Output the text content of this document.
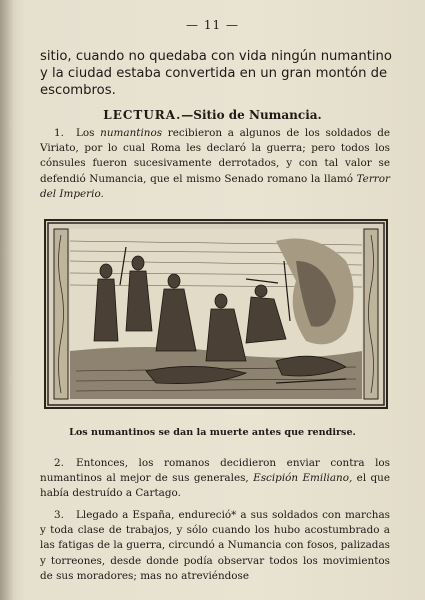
— 11 —
sitio, cuando no quedaba con vida ningún numantino y la ciudad estaba convertida en un gran montón de escombros.
LECTURA.—Sitio de Numancia.
1. Los numantinos recibieron a algunos de los soldados de Viriato, por lo cual Roma les declaró la guerra; pero todos los cónsules fueron sucesivamente derrotados, y con tal valor se defendió Numancia, que el mismo Senado romano la llamó Terror del Imperio.
Los numantinos se dan la muerte antes que rendirse.
2. Entonces, los romanos decidieron enviar contra los numantinos al mejor de sus generales, Escipión Emiliano, el que había destruído a Cartago.
3. Llegado a España, endureció* a sus soldados con marchas y toda clase de trabajos, y sólo cuando los hubo acostumbrado a las fatigas de la guerra, circundó a Numancia con fosos, palizadas y torreones, desde donde podía observar todos los movimientos de sus moradores; mas no atreviéndose
